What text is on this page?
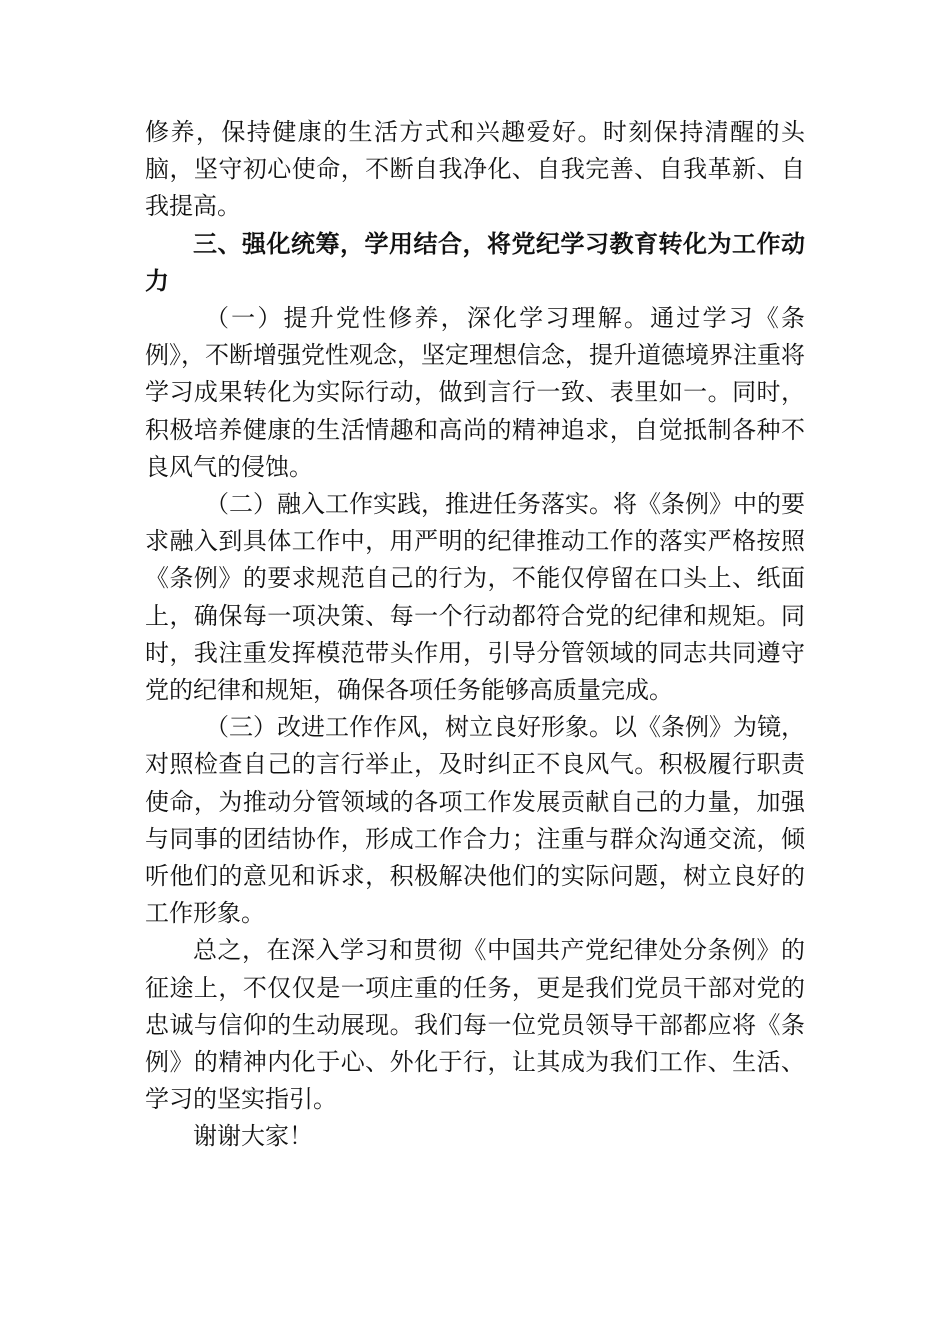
修养，保持健康的生活方式和兴趣爱好。时刻保持清醒的头脑，坚守初心使命，不断自我净化、自我完善、自我革新、自我提高。

三、强化统筹，学用结合，将党纪学习教育转化为工作动力

（一）提升党性修养，深化学习理解。通过学习《条例》，不断增强党性观念，坚定理想信念，提升道德境界注重将学习成果转化为实际行动，做到言行一致、表里如一。同时，积极培养健康的生活情趣和高尚的精神追求，自觉抵制各种不良风气的侵蚀。

（二）融入工作实践，推进任务落实。将《条例》中的要求融入到具体工作中，用严明的纪律推动工作的落实严格按照《条例》的要求规范自己的行为，不能仅停留在口头上、纸面上，确保每一项决策、每一个行动都符合党的纪律和规矩。同时，我注重发挥模范带头作用，引导分管领域的同志共同遵守党的纪律和规矩，确保各项任务能够高质量完成。

（三）改进工作作风，树立良好形象。以《条例》为镜，对照检查自己的言行举止，及时纠正不良风气。积极履行职责使命，为推动分管领域的各项工作发展贡献自己的力量，加强与同事的团结协作，形成工作合力；注重与群众沟通交流，倾听他们的意见和诉求，积极解决他们的实际问题，树立良好的工作形象。

总之，在深入学习和贯彻《中国共产党纪律处分条例》的征途上，不仅仅是一项庄重的任务，更是我们党员干部对党的忠诚与信仰的生动展现。我们每一位党员领导干部都应将《条例》的精神内化于心、外化于行，让其成为我们工作、生活、学习的坚实指引。

谢谢大家！
